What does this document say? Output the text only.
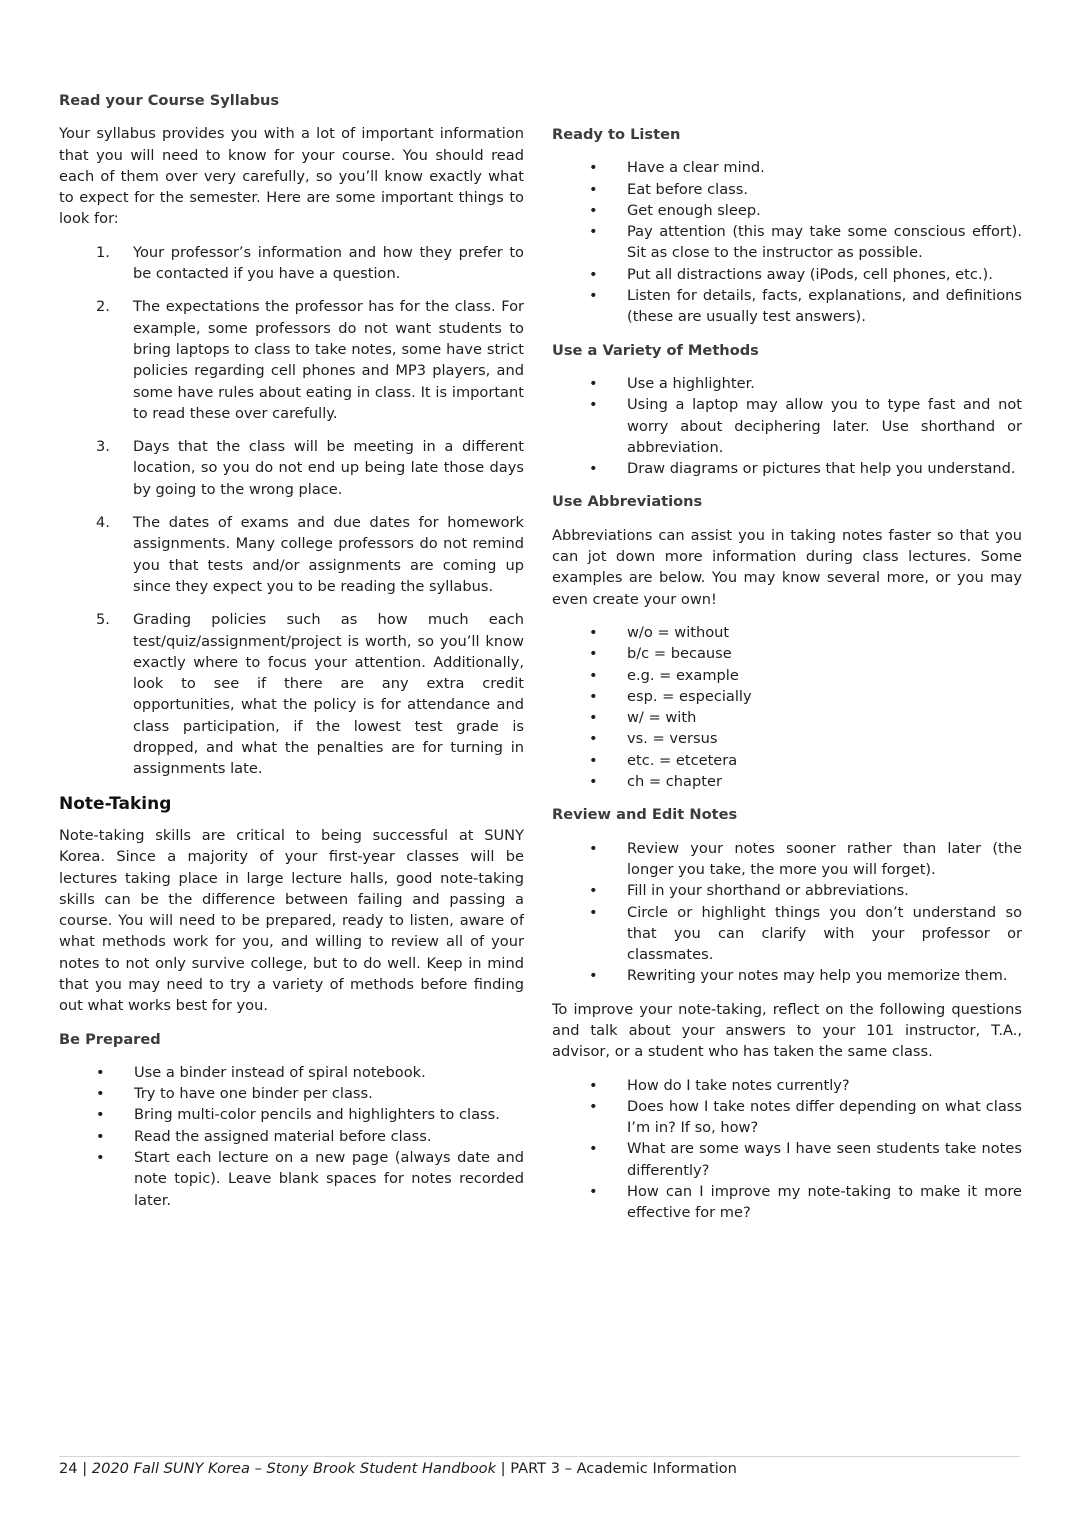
Read your Course Syllabus

Your syllabus provides you with a lot of important information that you will need to know for your course. You should read each of them over very carefully, so you’ll know exactly what to expect for the semester. Here are some important things to look for:

1. Your professor’s information and how they prefer to be contacted if you have a question.
2. The expectations the professor has for the class. For example, some professors do not want students to bring laptops to class to take notes, some have strict policies regarding cell phones and MP3 players, and some have rules about eating in class. It is important to read these over carefully.
3. Days that the class will be meeting in a different location, so you do not end up being late those days by going to the wrong place.
4. The dates of exams and due dates for homework assignments. Many college professors do not remind you that tests and/or assignments are coming up since they expect you to be reading the syllabus.
5. Grading policies such as how much each test/quiz/assignment/project is worth, so you’ll know exactly where to focus your attention. Additionally, look to see if there are any extra credit opportunities, what the policy is for attendance and class participation, if the lowest test grade is dropped, and what the penalties are for turning in assignments late.
Note-Taking

Note-taking skills are critical to being successful at SUNY Korea. Since a majority of your first-year classes will be lectures taking place in large lecture halls, good note-taking skills can be the difference between failing and passing a course. You will need to be prepared, ready to listen, aware of what methods work for you, and willing to review all of your notes to not only survive college, but to do well. Keep in mind that you may need to try a variety of methods before finding out what works best for you.

Be Prepared
• Use a binder instead of spiral notebook.
• Try to have one binder per class.
• Bring multi-color pencils and highlighters to class.
• Read the assigned material before class.
• Start each lecture on a new page (always date and note topic). Leave blank spaces for notes recorded later.
Ready to Listen
• Have a clear mind.
• Eat before class.
• Get enough sleep.
• Pay attention (this may take some conscious effort). Sit as close to the instructor as possible.
• Put all distractions away (iPods, cell phones, etc.).
• Listen for details, facts, explanations, and definitions (these are usually test answers).
Use a Variety of Methods
• Use a highlighter.
• Using a laptop may allow you to type fast and not worry about deciphering later. Use shorthand or abbreviation.
• Draw diagrams or pictures that help you understand.
Use Abbreviations

Abbreviations can assist you in taking notes faster so that you can jot down more information during class lectures. Some examples are below. You may know several more, or you may even create your own!

• w/o = without
• b/c = because
• e.g. = example
• esp. = especially
• w/ = with
• vs. = versus
• etc. = etcetera
• ch = chapter
Review and Edit Notes
• Review your notes sooner rather than later (the longer you take, the more you will forget).
• Fill in your shorthand or abbreviations.
• Circle or highlight things you don’t understand so that you can clarify with your professor or classmates.
• Rewriting your notes may help you memorize them.

To improve your note-taking, reflect on the following questions and talk about your answers to your 101 instructor, T.A., advisor, or a student who has taken the same class.

• How do I take notes currently?
• Does how I take notes differ depending on what class I’m in? If so, how?
• What are some ways I have seen students take notes differently?
• How can I improve my note-taking to make it more effective for me?
24 | 2020 Fall SUNY Korea – Stony Brook Student Handbook | PART 3 – Academic Information
